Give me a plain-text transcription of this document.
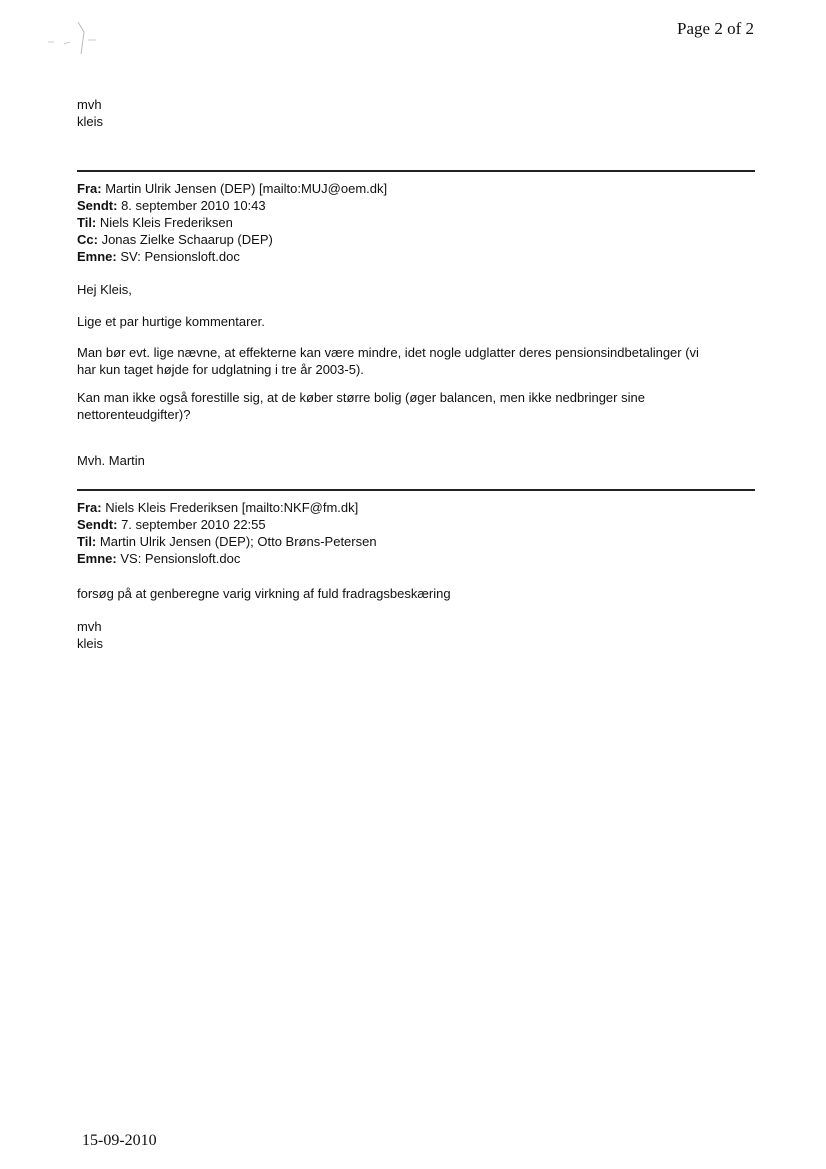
Page 2 of 2
mvh
kleis
Fra: Martin Ulrik Jensen (DEP) [mailto:MUJ@oem.dk]
Sendt: 8. september 2010 10:43
Til: Niels Kleis Frederiksen
Cc: Jonas Zielke Schaarup (DEP)
Emne: SV: Pensionsloft.doc
Hej Kleis,
Lige et par hurtige kommentarer.
Man bør evt. lige nævne, at effekterne kan være mindre, idet nogle udglatter deres pensionsindbetalinger (vi
har kun taget højde for udglatning i tre år 2003-5).
Kan man ikke også forestille sig, at de køber større bolig (øger balancen, men ikke nedbringer sine
nettorenteudgifter)?
Mvh. Martin
Fra: Niels Kleis Frederiksen [mailto:NKF@fm.dk]
Sendt: 7. september 2010 22:55
Til: Martin Ulrik Jensen (DEP); Otto Brøns-Petersen
Emne: VS: Pensionsloft.doc
forsøg på at genberegne varig virkning af fuld fradragsbeskæring
mvh
kleis
15-09-2010
